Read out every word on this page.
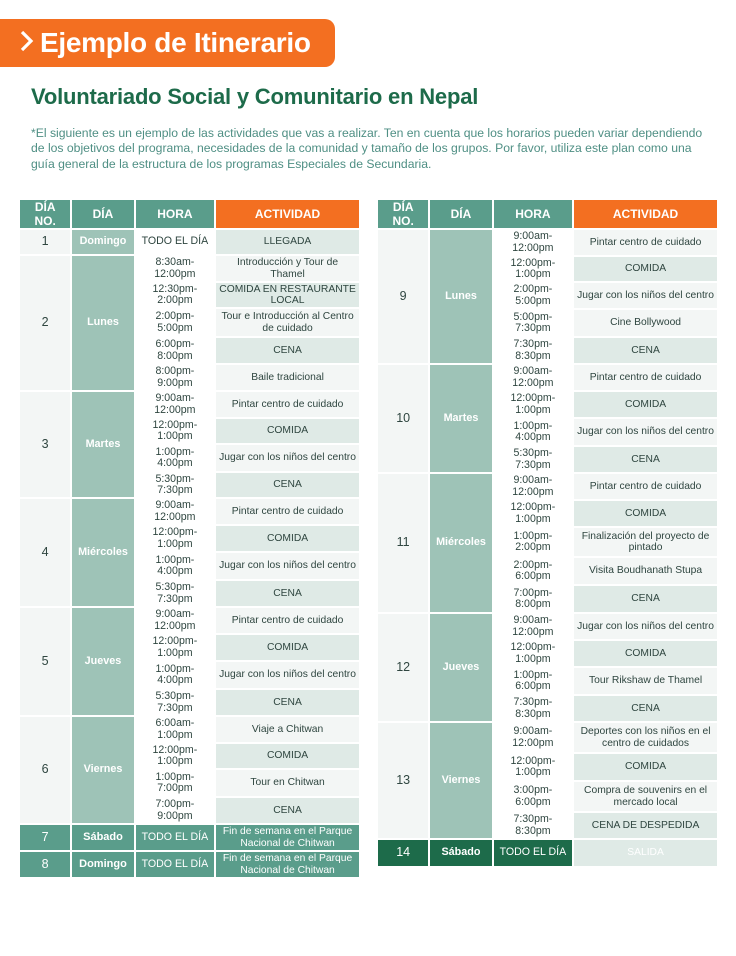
Ejemplo de Itinerario
Voluntariado Social y Comunitario en Nepal
*El siguiente es un ejemplo de las actividades que vas a realizar. Ten en cuenta que los horarios pueden variar dependiendo de los objetivos del programa, necesidades de la comunidad y tamaño de los grupos. Por favor, utiliza este plan como una guía general de la estructura de los programas Especiales de Secundaria.
DÍA NO.	DÍA	HORA	ACTIVIDAD
1	Domingo	TODO EL DÍA	LLEGADA
2	Lunes	8:30am-12:00pm	Introducción y Tour de Thamel
		12:30pm-2:00pm	COMIDA EN RESTAURANTE LOCAL
		2:00pm-5:00pm	Tour e Introducción al Centro de cuidado
		6:00pm-8:00pm	CENA
		8:00pm-9:00pm	Baile tradicional
3	Martes	9:00am-12:00pm	Pintar centro de cuidado
		12:00pm-1:00pm	COMIDA
		1:00pm-4:00pm	Jugar con los niños del centro
		5:30pm-7:30pm	CENA
4	Miércoles	9:00am-12:00pm	Pintar centro de cuidado
		12:00pm-1:00pm	COMIDA
		1:00pm-4:00pm	Jugar con los niños del centro
		5:30pm-7:30pm	CENA
5	Jueves	9:00am-12:00pm	Pintar centro de cuidado
		12:00pm-1:00pm	COMIDA
		1:00pm-4:00pm	Jugar con los niños del centro
		5:30pm-7:30pm	CENA
6	Viernes	6:00am-1:00pm	Viaje a Chitwan
		12:00pm-1:00pm	COMIDA
		1:00pm-7:00pm	Tour en Chitwan
		7:00pm-9:00pm	CENA
7	Sábado	TODO EL DÍA	Fin de semana en el Parque Nacional de Chitwan
8	Domingo	TODO EL DÍA	Fin de semana en el Parque Nacional de Chitwan
DÍA NO.	DÍA	HORA	ACTIVIDAD
9	Lunes	9:00am-12:00pm	Pintar centro de cuidado
		12:00pm-1:00pm	COMIDA
		2:00pm-5:00pm	Jugar con los niños del centro
		5:00pm-7:30pm	Cine Bollywood
		7:30pm-8:30pm	CENA
10	Martes	9:00am-12:00pm	Pintar centro de cuidado
		12:00pm-1:00pm	COMIDA
		1:00pm-4:00pm	Jugar con los niños del centro
		5:30pm-7:30pm	CENA
11	Miércoles	9:00am-12:00pm	Pintar centro de cuidado
		12:00pm-1:00pm	COMIDA
		1:00pm-2:00pm	Finalización del proyecto de pintado
		2:00pm-6:00pm	Visita Boudhanath Stupa
		7:00pm-8:00pm	CENA
12	Jueves	9:00am-12:00pm	Jugar con los niños del centro
		12:00pm-1:00pm	COMIDA
		1:00pm-6:00pm	Tour Rikshaw de Thamel
		7:30pm-8:30pm	CENA
13	Viernes	9:00am-12:00pm	Deportes con los niños en el centro de cuidados
		12:00pm-1:00pm	COMIDA
		3:00pm-6:00pm	Compra de souvenirs en el mercado local
		7:30pm-8:30pm	CENA DE DESPEDIDA
14	Sábado	TODO EL DÍA	SALIDA
